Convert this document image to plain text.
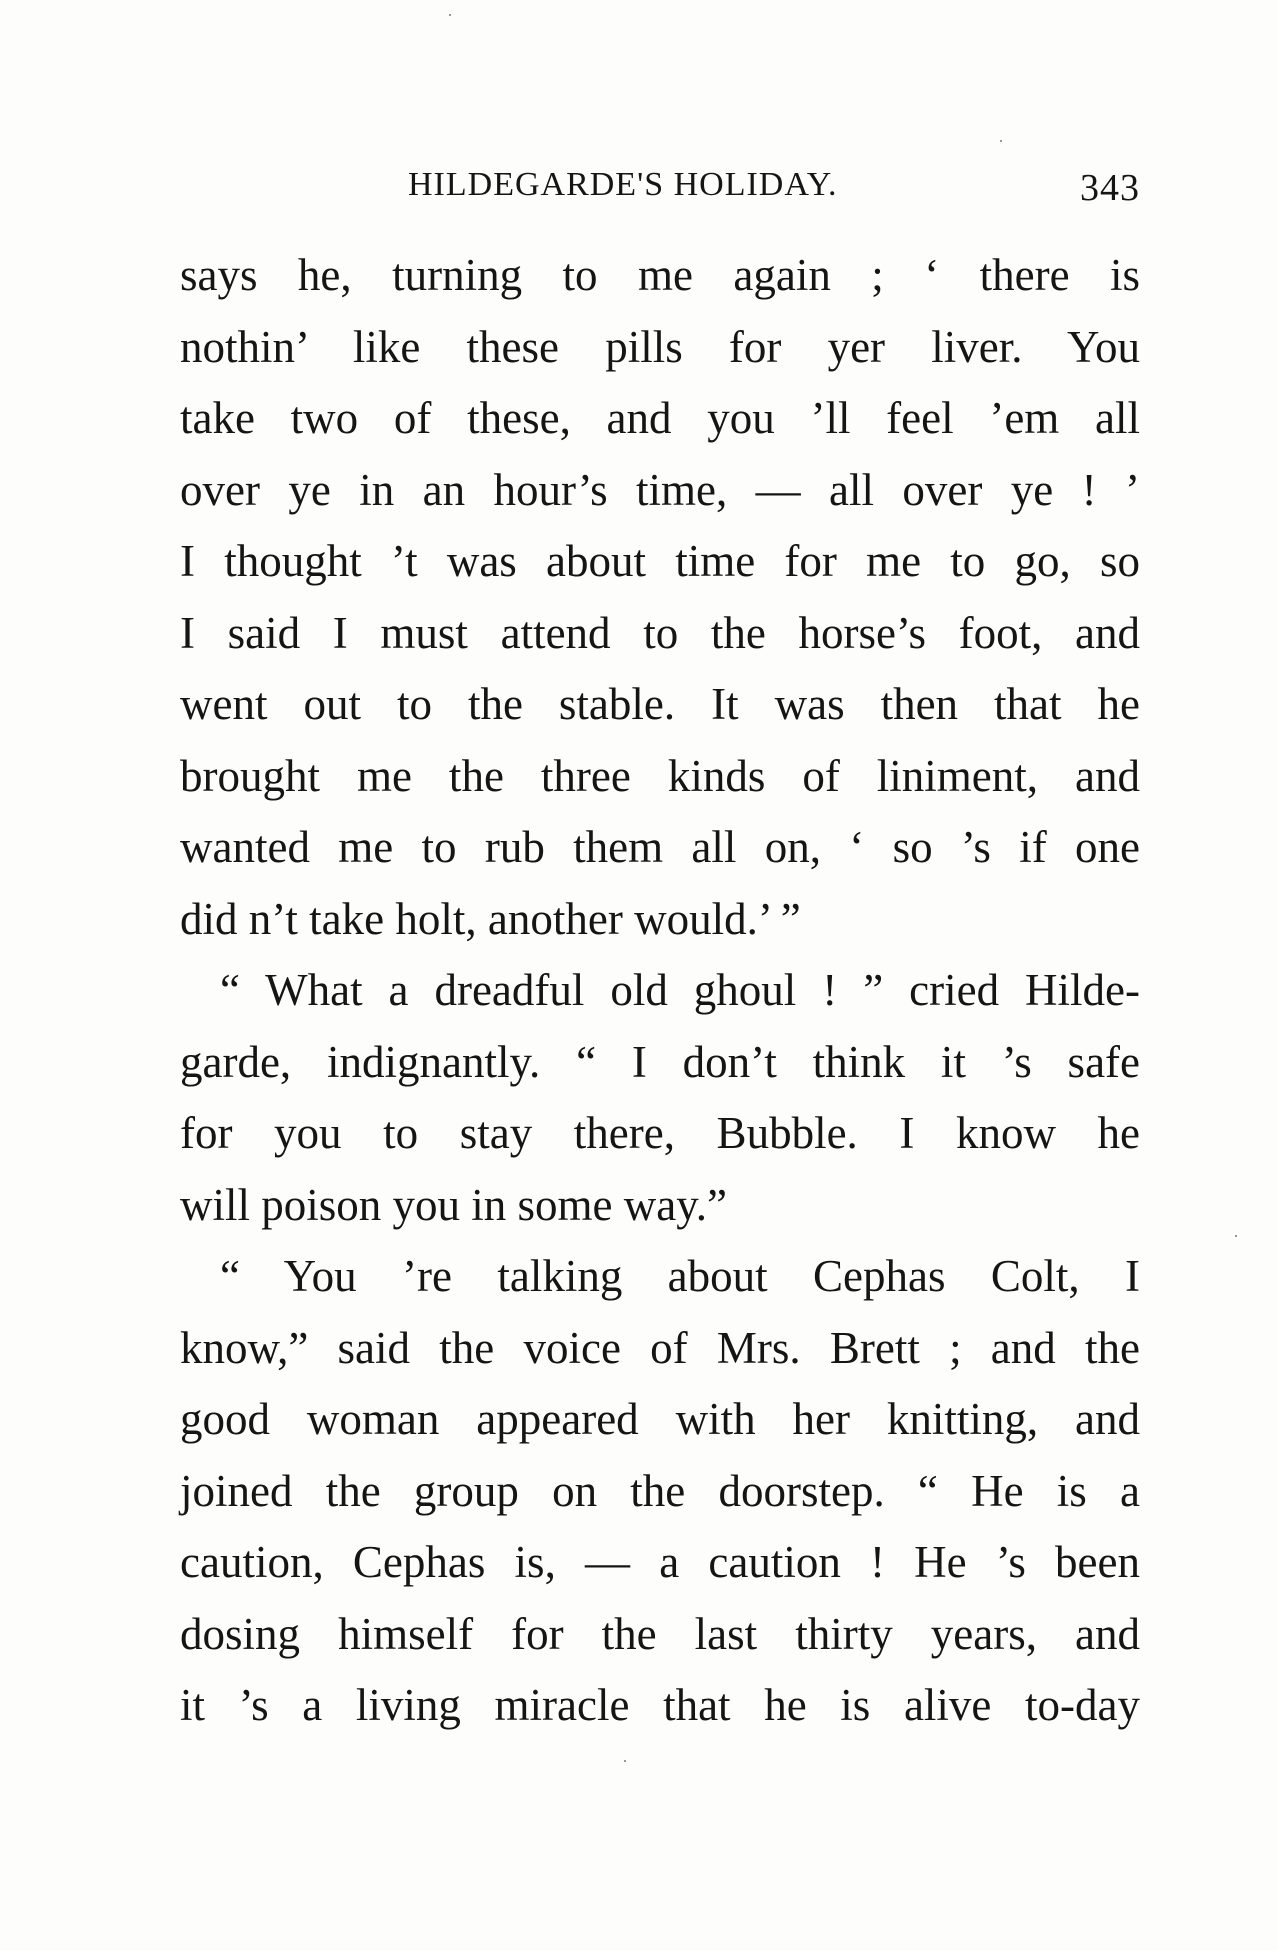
HILDEGARDE'S HOLIDAY.	343
says he, turning to me again ; ‘ there is
nothin’ like these pills for yer liver. You
take two of these, and you ’ll feel ’em all
over ye in an hour’s time, — all over ye ! ’
I thought ’t was about time for me to go, so
I said I must attend to the horse’s foot, and
went out to the stable. It was then that he
brought me the three kinds of liniment, and
wanted me to rub them all on, ‘ so ’s if one
did n’t take holt, another would.’ ”
“ What a dreadful old ghoul ! ” cried Hilde-
garde, indignantly. “ I don’t think it ’s safe
for you to stay there, Bubble. I know he
will poison you in some way.”
“ You ’re talking about Cephas Colt, I
know,” said the voice of Mrs. Brett ; and the
good woman appeared with her knitting, and
joined the group on the doorstep. “ He is a
caution, Cephas is, — a caution ! He ’s been
dosing himself for the last thirty years, and
it ’s a living miracle that he is alive to-day
